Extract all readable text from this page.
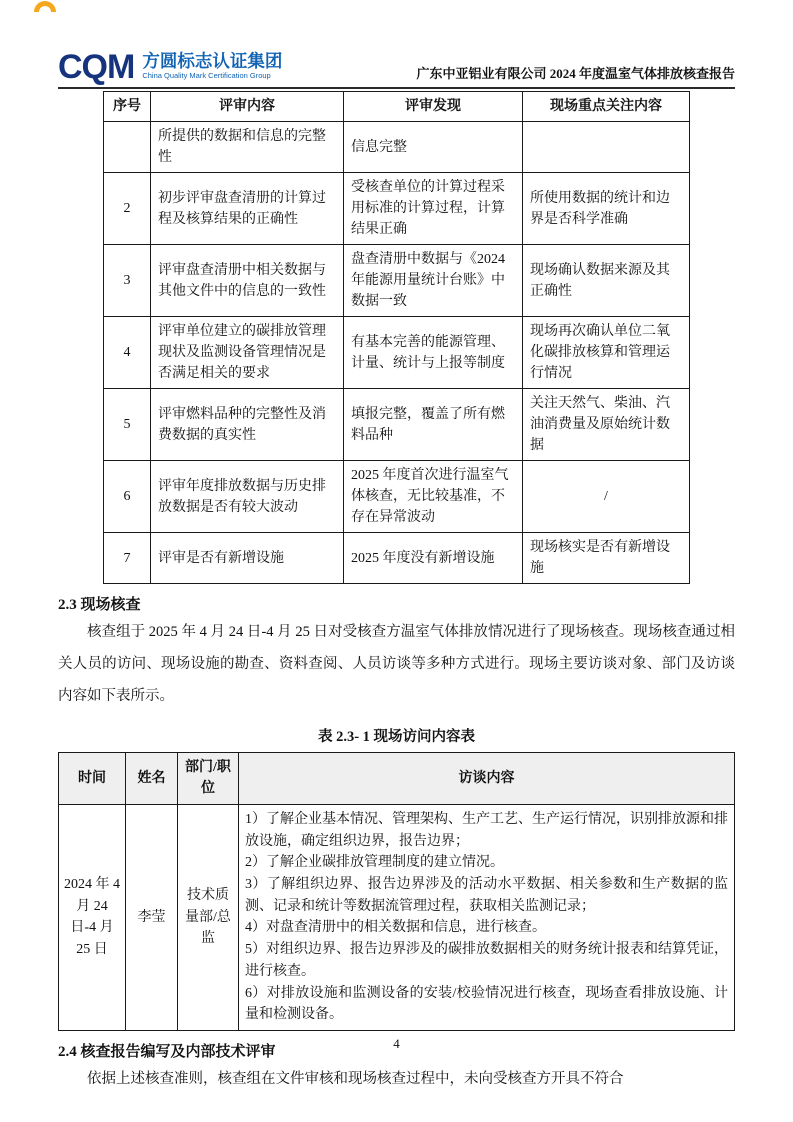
CQM 方圆标志认证集团
China Quality Mark Certification Group	广东中亚铝业有限公司 2024 年度温室气体排放核查报告
序号	评审内容	评审发现	现场重点关注内容
	所提供的数据和信息的完整性	信息完整	
2	初步评审盘查清册的计算过程及核算结果的正确性	受核查单位的计算过程采用标准的计算过程，计算结果正确	所使用数据的统计和边界是否科学准确
3	评审盘查清册中相关数据与其他文件中的信息的一致性	盘查清册中数据与《2024 年能源用量统计台账》中数据一致	现场确认数据来源及其正确性
4	评审单位建立的碳排放管理现状及监测设备管理情况是否满足相关的要求	有基本完善的能源管理、计量、统计与上报等制度	现场再次确认单位二氧化碳排放核算和管理运行情况
5	评审燃料品种的完整性及消费数据的真实性	填报完整，覆盖了所有燃料品种	关注天然气、柴油、汽油消费量及原始统计数据
6	评审年度排放数据与历史排放数据是否有较大波动	2025 年度首次进行温室气体核查，无比较基准，不存在异常波动	/
7	评审是否有新增设施	2025 年度没有新增设施	现场核实是否有新增设施
2.3 现场核查

核查组于 2025 年 4 月 24 日-4 月 25 日对受核查方温室气体排放情况进行了现场核查。现场核查通过相关人员的访问、现场设施的勘查、资料查阅、人员访谈等多种方式进行。现场主要访谈对象、部门及访谈内容如下表所示。

表 2.3- 1 现场访问内容表
时间	姓名	部门/职位	访谈内容
2024 年 4 月 24 日-4 月 25 日	李莹	技术质量部/总监	
1）了解企业基本情况、管理架构、生产工艺、生产运行情况，识别排放源和排放设施，确定组织边界，报告边界；
2）了解企业碳排放管理制度的建立情况。
3）了解组织边界、报告边界涉及的活动水平数据、相关参数和生产数据的监测、记录和统计等数据流管理过程，获取相关监测记录；
4）对盘查清册中的相关数据和信息，进行核查。
5）对组织边界、报告边界涉及的碳排放数据相关的财务统计报表和结算凭证，进行核查。
6）对排放设施和监测设备的安装/校验情况进行核查，现场查看排放设施、计量和检测设备。
2.4 核查报告编写及内部技术评审

依据上述核查准则，核查组在文件审核和现场核查过程中，未向受核查方开具不符合

4
